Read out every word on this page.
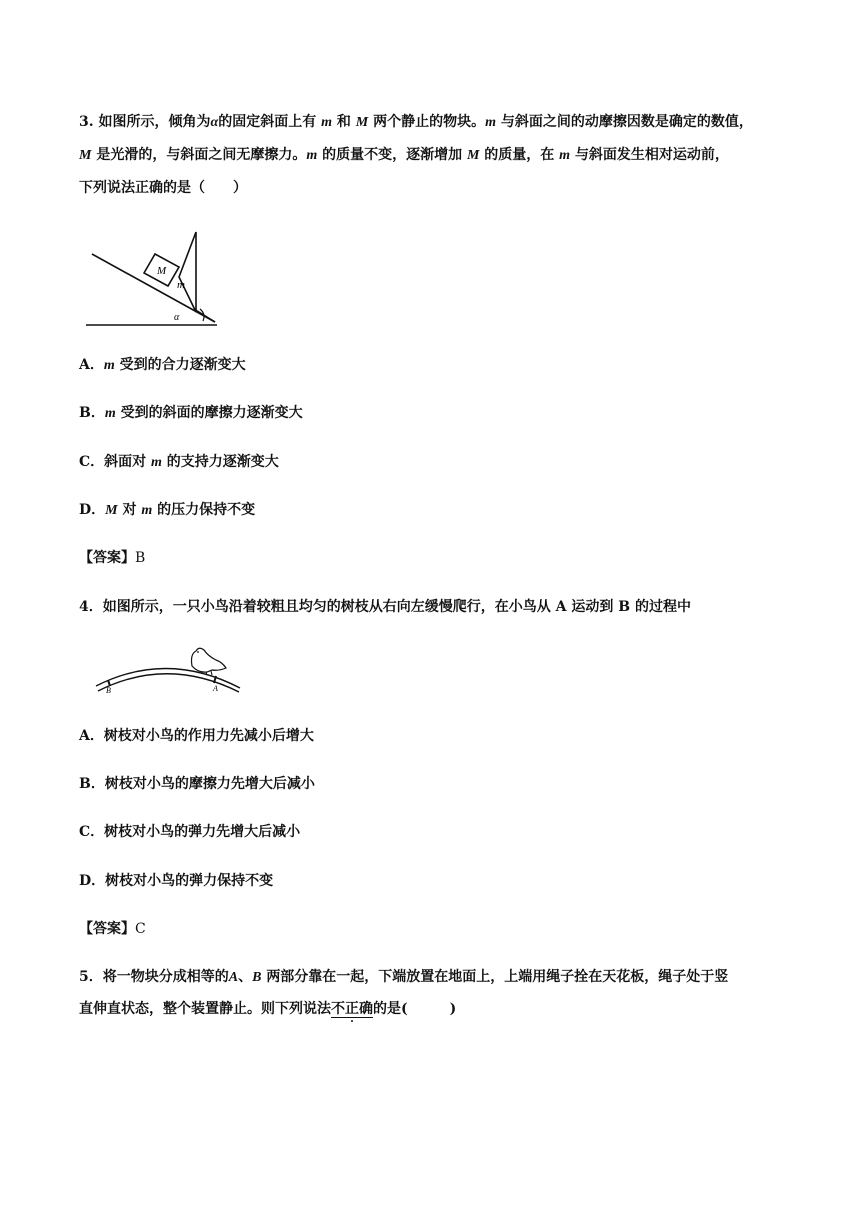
3. 如图所示，倾角为α的固定斜面上有 m 和 M 两个静止的物块。m 与斜面之间的动摩擦因数是确定的数值，
M 是光滑的，与斜面之间无摩擦力。m 的质量不变，逐渐增加 M 的质量，在 m 与斜面发生相对运动前，
下列说法正确的是（　　）
M
m
α
A．m 受到的合力逐渐变大
B．m 受到的斜面的摩擦力逐渐变大
C．斜面对 m 的支持力逐渐变大
D．M 对 m 的压力保持不变
【答案】B
4．如图所示，一只小鸟沿着较粗且均匀的树枝从右向左缓慢爬行，在小鸟从 A 运动到 B 的过程中
B	A
A．树枝对小鸟的作用力先减小后增大
B．树枝对小鸟的摩擦力先增大后减小
C．树枝对小鸟的弹力先增大后减小
D．树枝对小鸟的弹力保持不变
【答案】C
5．将一物块分成相等的A、B 两部分靠在一起，下端放置在地面上，上端用绳子拴在天花板，绳子处于竖
直伸直状态，整个装置静止。则下列说法不正确的是(　　　)
